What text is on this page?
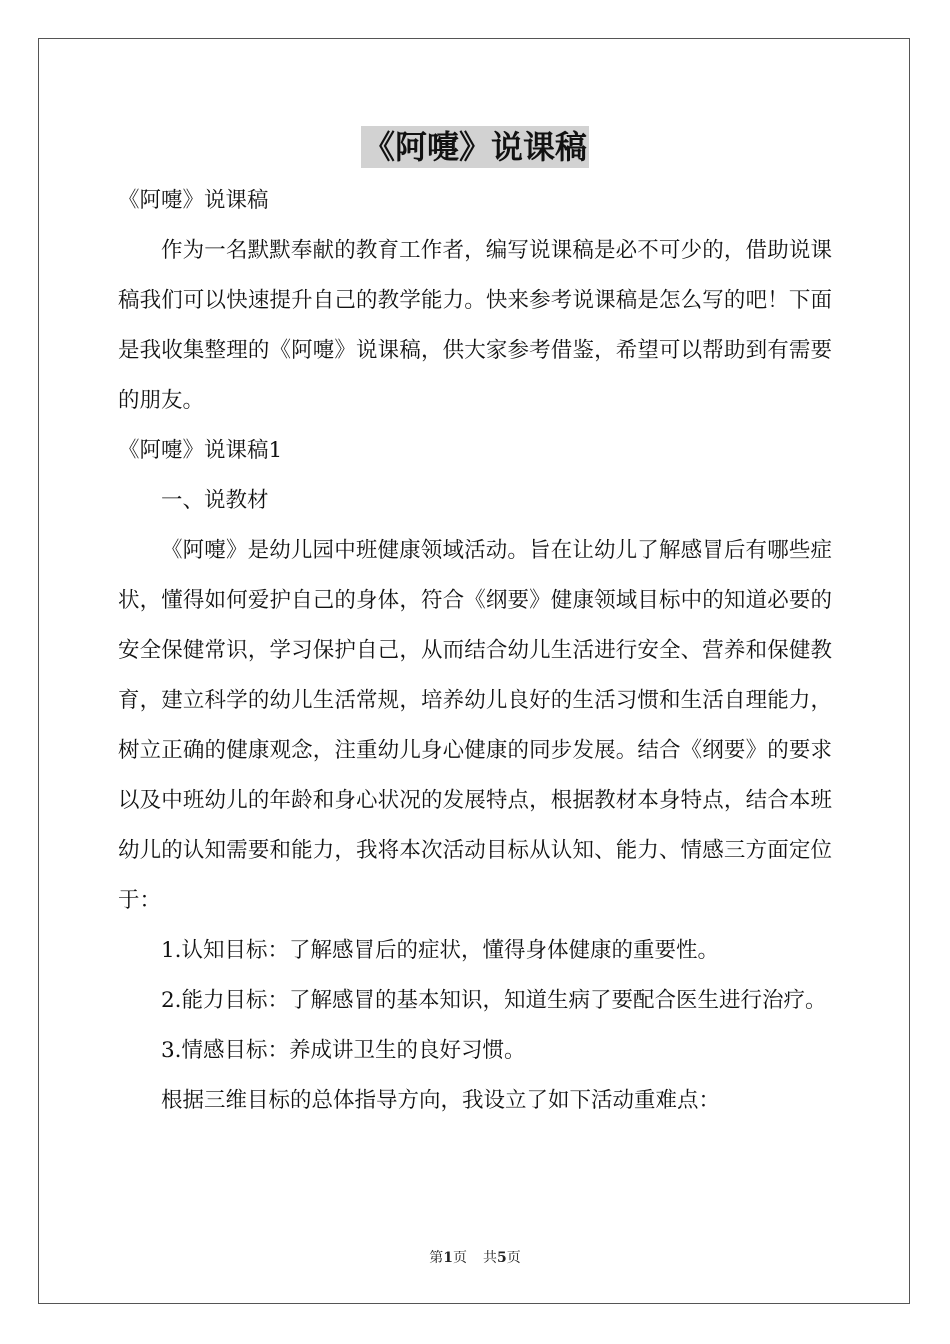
《阿嚏》说课稿

《阿嚏》说课稿

作为一名默默奉献的教育工作者，编写说课稿是必不可少的，借助说课稿我们可以快速提升自己的教学能力。快来参考说课稿是怎么写的吧！下面是我收集整理的《阿嚏》说课稿，供大家参考借鉴，希望可以帮助到有需要的朋友。

《阿嚏》说课稿1

一、说教材

《阿嚏》是幼儿园中班健康领域活动。旨在让幼儿了解感冒后有哪些症状，懂得如何爱护自己的身体，符合《纲要》健康领域目标中的知道必要的安全保健常识，学习保护自己，从而结合幼儿生活进行安全、营养和保健教育，建立科学的幼儿生活常规，培养幼儿良好的生活习惯和生活自理能力，树立正确的健康观念，注重幼儿身心健康的同步发展。结合《纲要》的要求以及中班幼儿的年龄和身心状况的发展特点，根据教材本身特点，结合本班幼儿的认知需要和能力，我将本次活动目标从认知、能力、情感三方面定位于：

1.认知目标：了解感冒后的症状，懂得身体健康的重要性。

2.能力目标：了解感冒的基本知识，知道生病了要配合医生进行治疗。

3.情感目标：养成讲卫生的良好习惯。

根据三维目标的总体指导方向，我设立了如下活动重难点：

第1页 共5页
